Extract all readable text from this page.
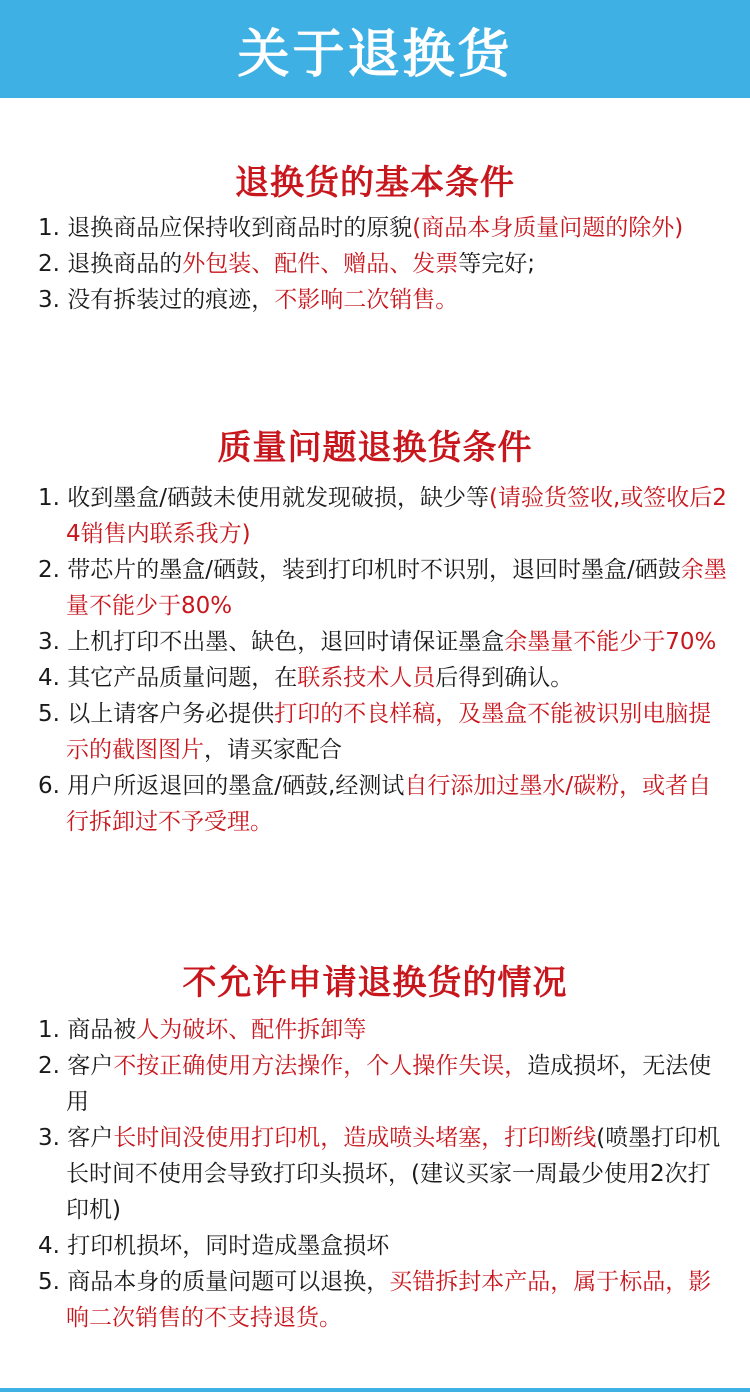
关于退换货
退换货的基本条件
1. 退换商品应保持收到商品时的原貌(商品本身质量问题的除外)
2. 退换商品的外包装、配件、赠品、发票等完好;
3. 没有拆装过的痕迹，不影响二次销售。
质量问题退换货条件
1. 收到墨盒/硒鼓未使用就发现破损，缺少等(请验货签收,或签收后24销售内联系我方)
2. 带芯片的墨盒/硒鼓，装到打印机时不识别，退回时墨盒/硒鼓余墨量不能少于80%
3. 上机打印不出墨、缺色，退回时请保证墨盒余墨量不能少于70%
4. 其它产品质量问题，在联系技术人员后得到确认。
5. 以上请客户务必提供打印的不良样稿，及墨盒不能被识别电脑提示的截图图片，请买家配合
6. 用户所返退回的墨盒/硒鼓,经测试自行添加过墨水/碳粉，或者自行拆卸过不予受理。
不允许申请退换货的情况
1. 商品被人为破坏、配件拆卸等
2. 客户不按正确使用方法操作，个人操作失误，造成损坏，无法使用
3. 客户长时间没使用打印机，造成喷头堵塞，打印断线(喷墨打印机长时间不使用会导致打印头损坏，(建议买家一周最少使用2次打印机)
4. 打印机损坏，同时造成墨盒损坏
5. 商品本身的质量问题可以退换，买错拆封本产品，属于标品，影响二次销售的不支持退货。
